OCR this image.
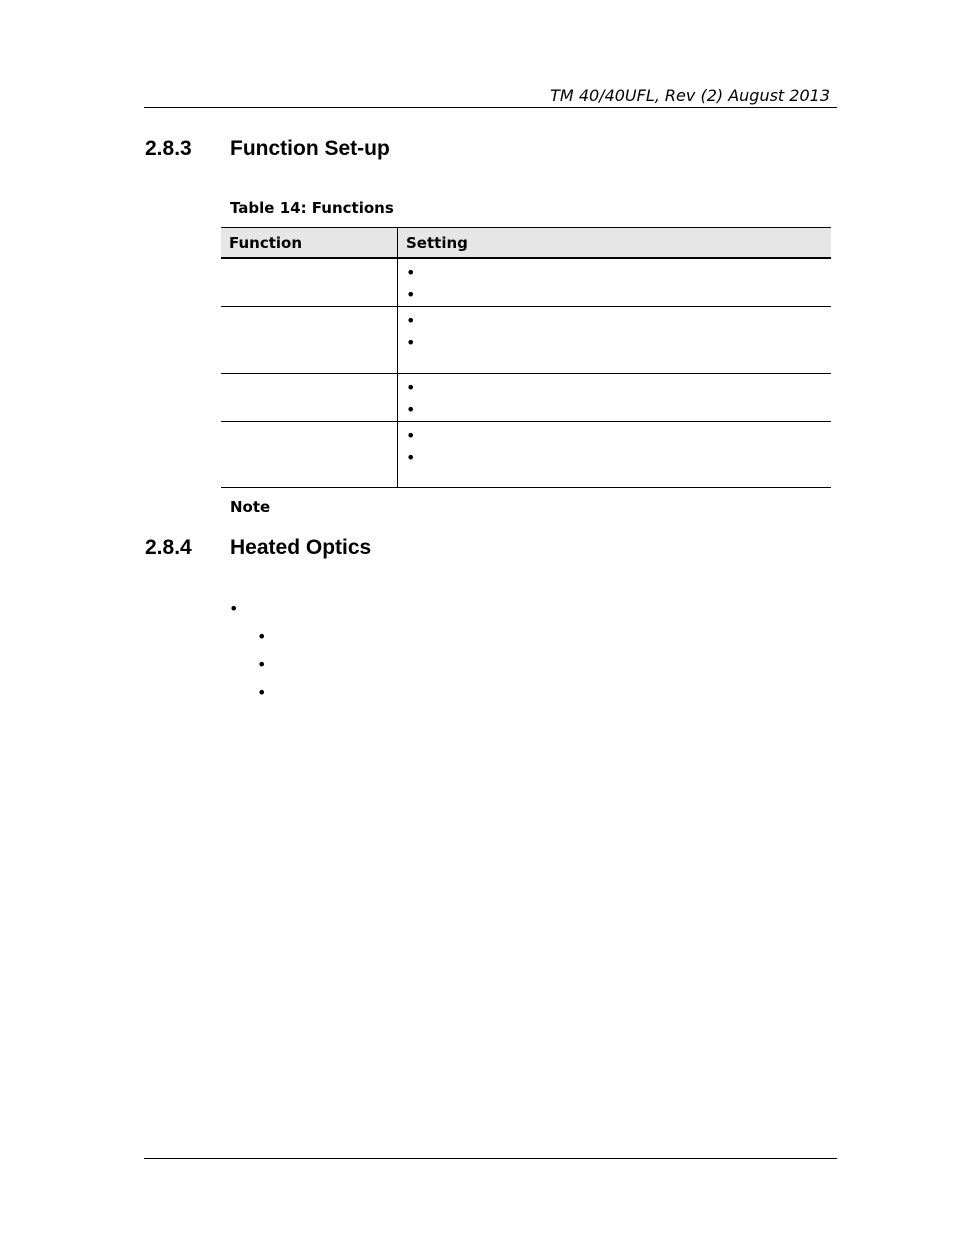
TM 40/40UFL, Rev (2) August 2013
2.8.3 Function Set-up
Table 14: Functions
Function	Setting

	•
•

	•
•

	•
•

	•
•
Note
2.8.4 Heated Optics
•
•
•
•
